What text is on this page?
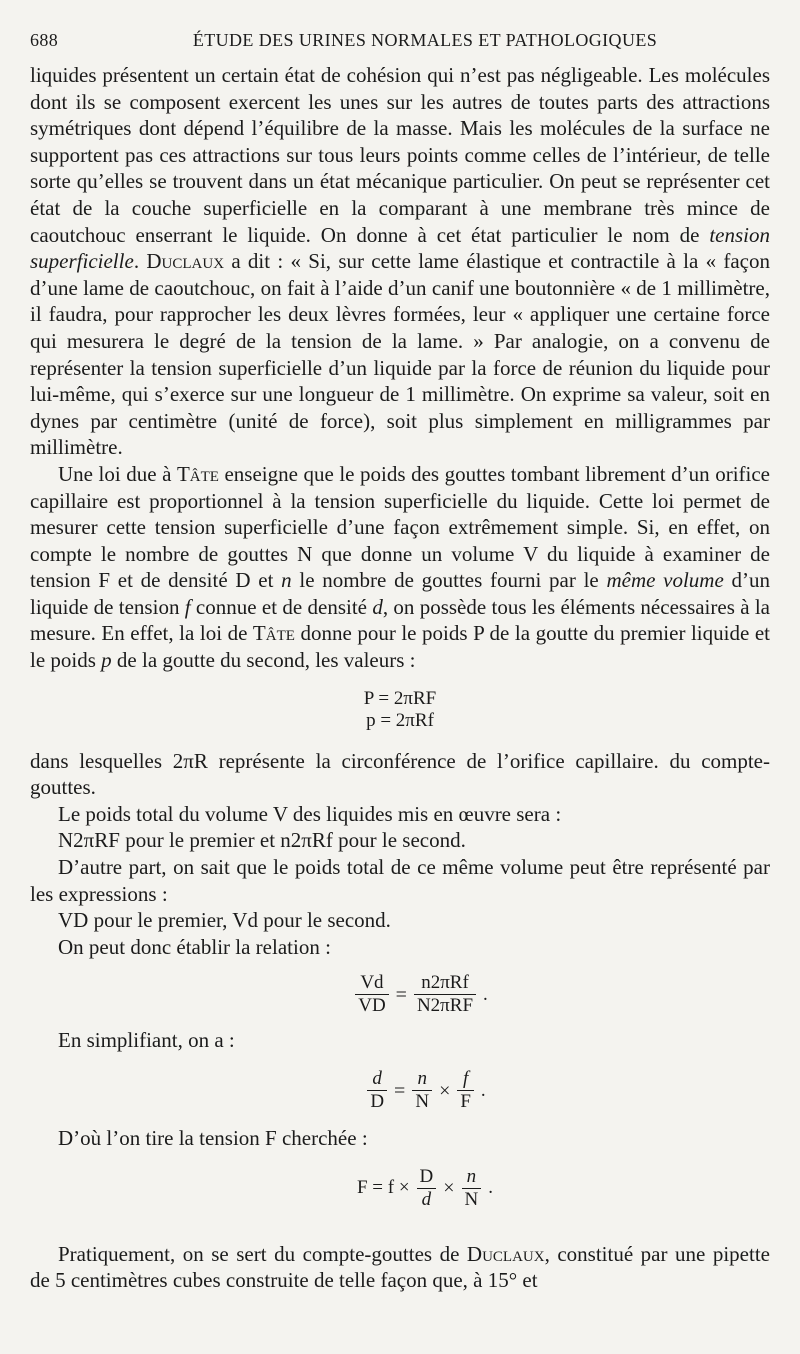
688	ÉTUDE DES URINES NORMALES ET PATHOLOGIQUES

liquides présentent un certain état de cohésion qui n’est pas négligeable. Les molécules dont ils se composent exercent les unes sur les autres de toutes parts des attractions symétriques dont dépend l’équilibre de la masse. Mais les molécules de la surface ne supportent pas ces attractions sur tous leurs points comme celles de l’intérieur, de telle sorte qu’elles se trouvent dans un état mécanique particulier. On peut se représenter cet état de la couche superficielle en la comparant à une membrane très mince de caoutchouc enserrant le liquide. On donne à cet état particulier le nom de tension superficielle. Duclaux a dit : « Si, sur cette lame élastique et contractile à la « façon d’une lame de caoutchouc, on fait à l’aide d’un canif une boutonnière « de 1 millimètre, il faudra, pour rapprocher les deux lèvres formées, leur « appliquer une certaine force qui mesurera le degré de la tension de la lame. » Par analogie, on a convenu de représenter la tension superficielle d’un liquide par la force de réunion du liquide pour lui-même, qui s’exerce sur une longueur de 1 millimètre. On exprime sa valeur, soit en dynes par centimètre (unité de force), soit plus simplement en milligrammes par millimètre.

Une loi due à Tâte enseigne que le poids des gouttes tombant librement d’un orifice capillaire est proportionnel à la tension superficielle du liquide. Cette loi permet de mesurer cette tension superficielle d’une façon extrêmement simple. Si, en effet, on compte le nombre de gouttes N que donne un volume V du liquide à examiner de tension F et de densité D et n le nombre de gouttes fourni par le même volume d’un liquide de tension f connue et de densité d, on possède tous les éléments nécessaires à la mesure. En effet, la loi de Tâte donne pour le poids P de la goutte du premier liquide et le poids p de la goutte du second, les valeurs :

P = 2πRF
p = 2πRf

dans lesquelles 2πR représente la circonférence de l’orifice capillaire. du compte-gouttes.

Le poids total du volume V des liquides mis en œuvre sera :

N2πRF pour le premier et n2πRf pour le second.

D’autre part, on sait que le poids total de ce même volume peut être représenté par les expressions :

VD pour le premier, Vd pour le second.

On peut donc établir la relation :

$\frac{Vd}{VD} = \frac{\text{n2πRf}}{\text{N2πRF}}$ .

En simplifiant, on a :

$\frac{d}{D} = \frac{n}{N} \times \frac{f}{F}$ .

D’où l’on tire la tension F cherchée :

$F = f \times \frac{D}{d} \times \frac{n}{N}$ .

Pratiquement, on se sert du compte-gouttes de Duclaux, constitué par une pipette de 5 centimètres cubes construite de telle façon que, à 15° et
